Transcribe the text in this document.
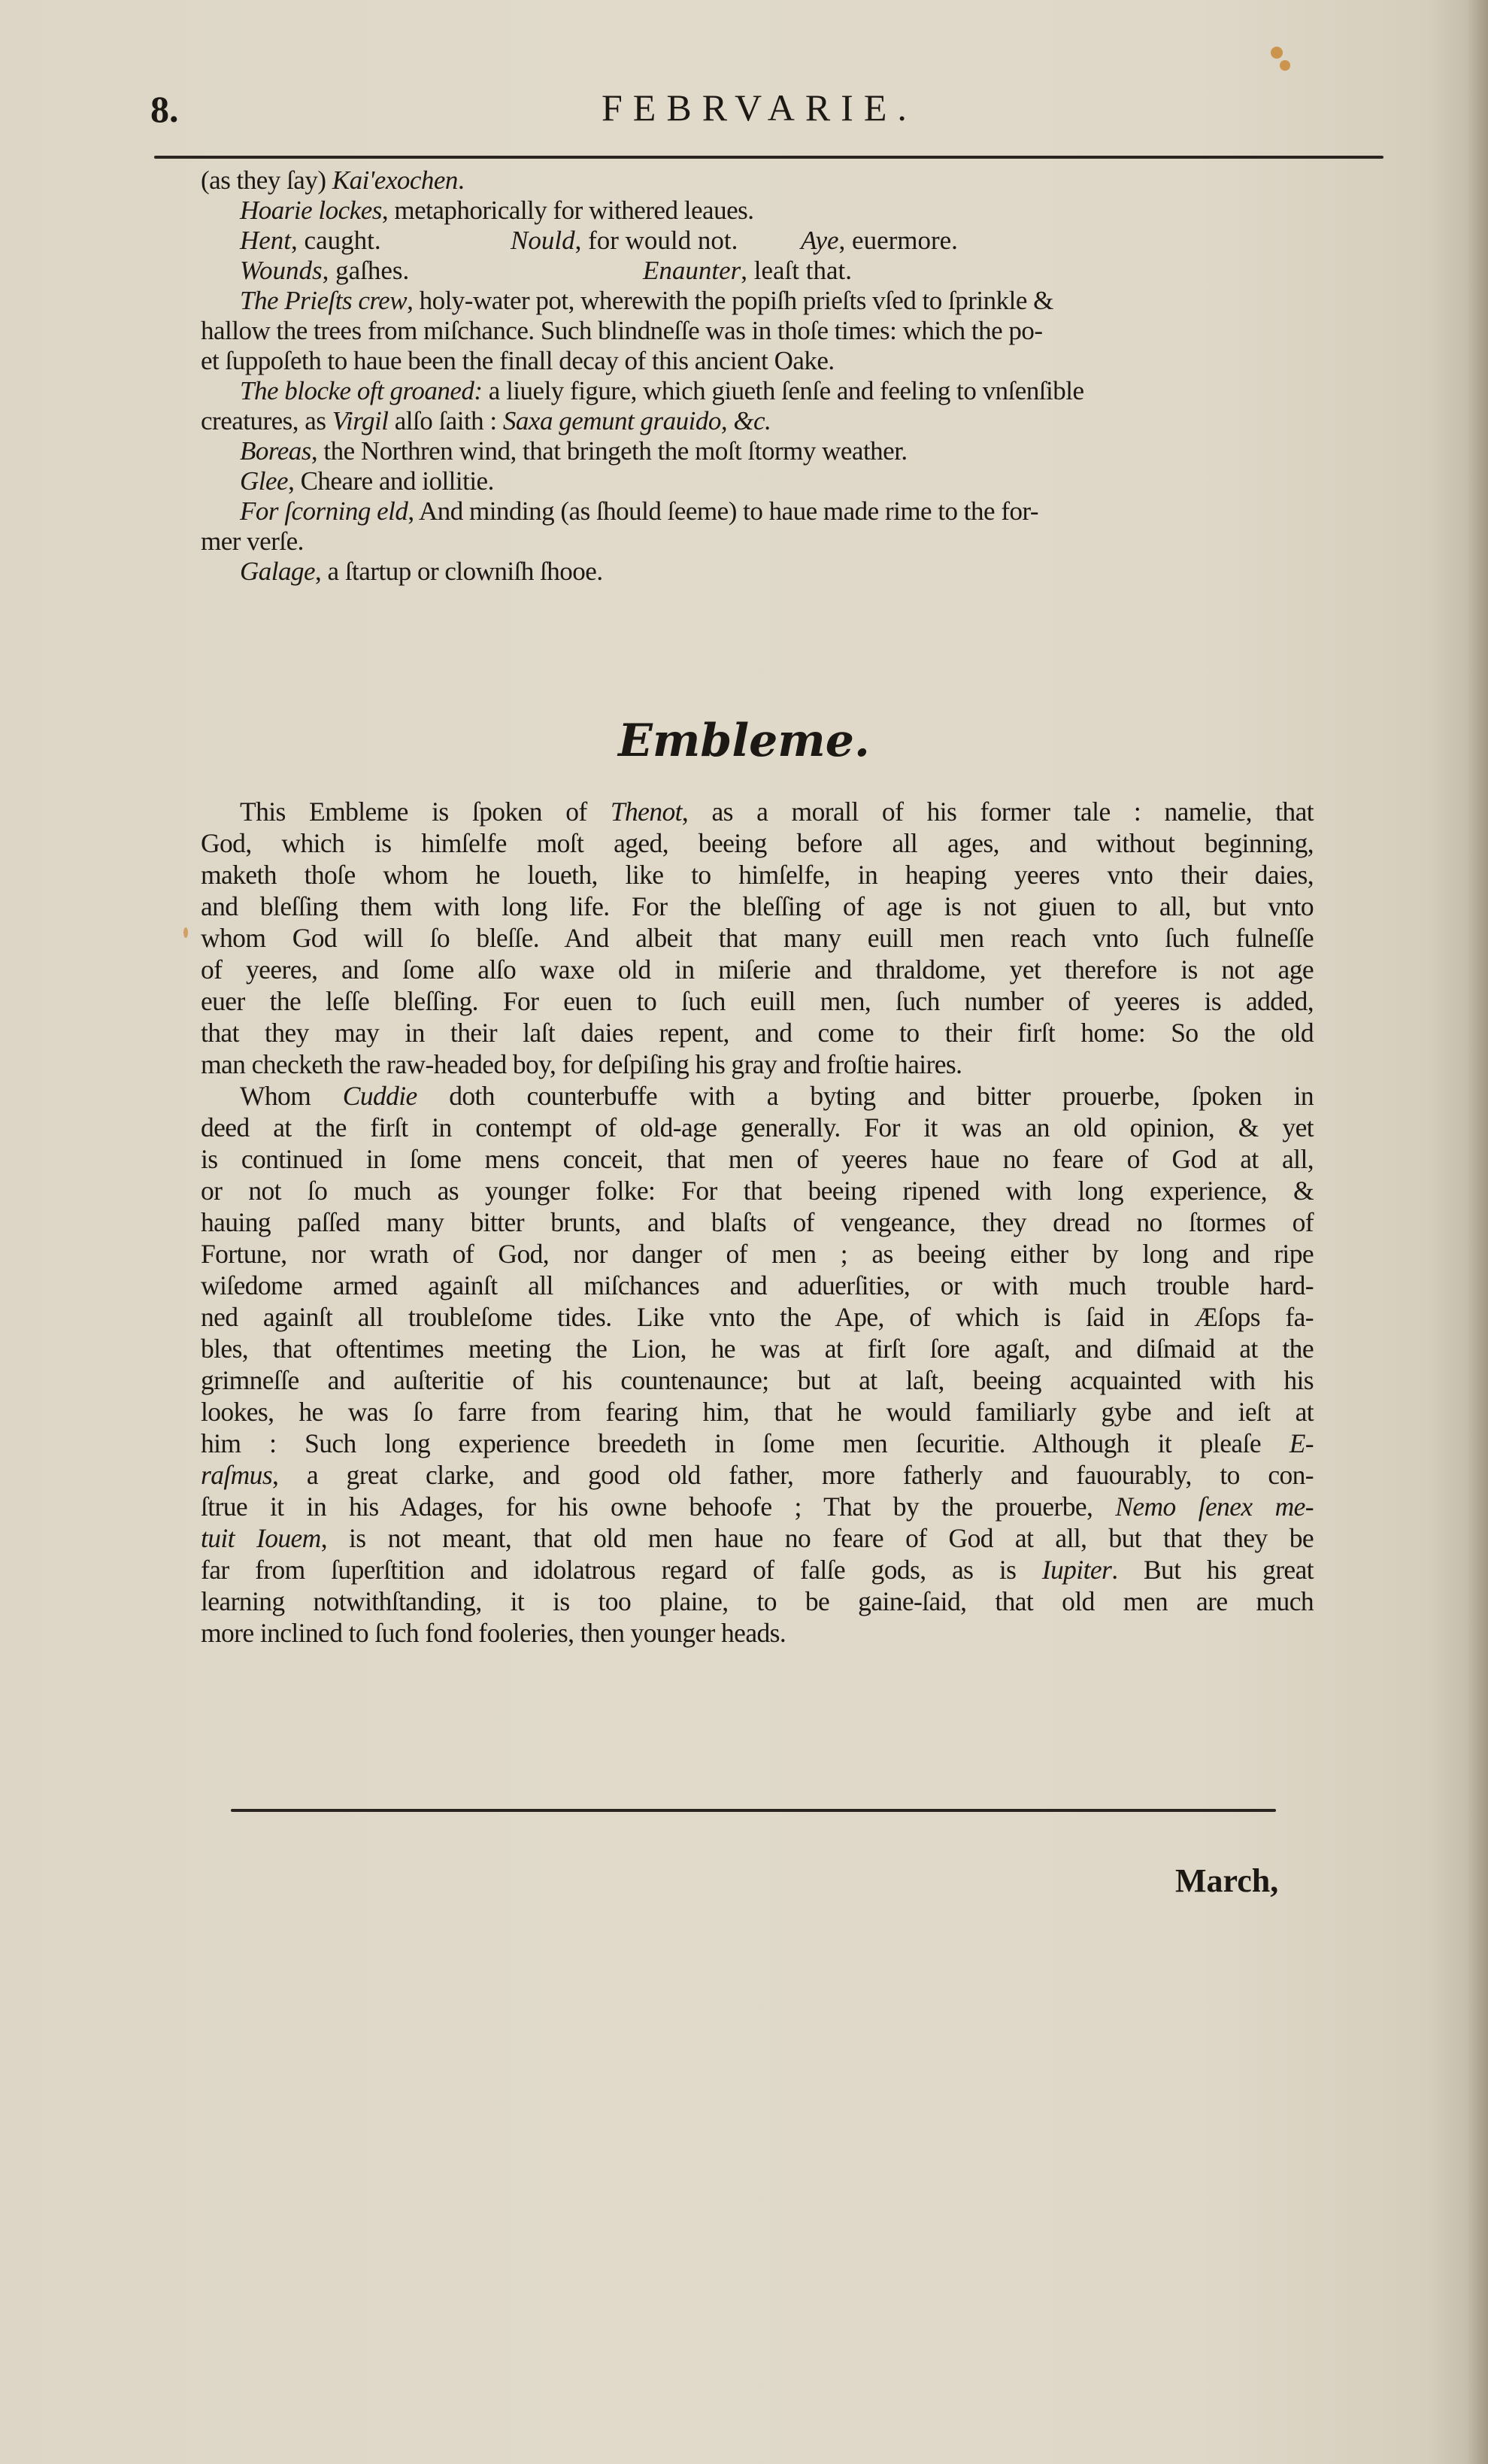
8.	FEBRVARIE.
(as they ſay) Kai'exochen.
Hoarie lockes, metaphorically for withered leaues.
Hent, caught.	Nould, for would not.	Aye, euermore.
Wounds, gaſhes.	Enaunter, leaſt that.
The Prieſts crew, holy-water pot, wherewith the popiſh prieſts vſed to ſprinkle &
hallow the trees from miſchance. Such blindneſſe was in thoſe times: which the po-
et ſuppoſeth to haue been the finall decay of this ancient Oake.
The blocke oft groaned: a liuely figure, which giueth ſenſe and feeling to vnſenſible
creatures, as Virgil alſo ſaith : Saxa gemunt grauido, &c.
Boreas, the Northren wind, that bringeth the moſt ſtormy weather.
Glee, Cheare and iollitie.
For ſcorning eld, And minding (as ſhould ſeeme) to haue made rime to the for-
mer verſe.
Galage, a ſtartup or clowniſh ſhooe.
Embleme.
This Embleme is ſpoken of Thenot, as a morall of his former tale : namelie, that
God, which is himſelfe moſt aged, beeing before all ages, and without beginning,
maketh thoſe whom he loueth, like to himſelfe, in heaping yeeres vnto their daies,
and bleſſing them with long life. For the bleſſing of age is not giuen to all, but vnto
whom God will ſo bleſſe. And albeit that many euill men reach vnto ſuch fulneſſe
of yeeres, and ſome alſo waxe old in miſerie and thraldome, yet therefore is not age
euer the leſſe bleſſing. For euen to ſuch euill men, ſuch number of yeeres is added,
that they may in their laſt daies repent, and come to their firſt home: So the old
man checketh the raw-headed boy, for deſpiſing his gray and froſtie haires.
Whom Cuddie doth counterbuffe with a byting and bitter prouerbe, ſpoken in
deed at the firſt in contempt of old-age generally. For it was an old opinion, & yet
is continued in ſome mens conceit, that men of yeeres haue no feare of God at all,
or not ſo much as younger folke: For that beeing ripened with long experience, &
hauing paſſed many bitter brunts, and blaſts of vengeance, they dread no ſtormes of
Fortune, nor wrath of God, nor danger of men ; as beeing either by long and ripe
wiſedome armed againſt all miſchances and aduerſities, or with much trouble hard-
ned againſt all troubleſome tides. Like vnto the Ape, of which is ſaid in Æſops fa-
bles, that oftentimes meeting the Lion, he was at firſt ſore agaſt, and diſmaid at the
grimneſſe and auſteritie of his countenaunce; but at laſt, beeing acquainted with his
lookes, he was ſo farre from fearing him, that he would familiarly gybe and ieſt at
him : Such long experience breedeth in ſome men ſecuritie. Although it pleaſe E-
raſmus, a great clarke, and good old father, more fatherly and fauourably, to con-
ſtrue it in his Adages, for his owne behoofe ; That by the prouerbe, Nemo ſenex me-
tuit Iouem, is not meant, that old men haue no feare of God at all, but that they be
far from ſuperſtition and idolatrous regard of falſe gods, as is Iupiter. But his great
learning notwithſtanding, it is too plaine, to be gaine-ſaid, that old men are much
more inclined to ſuch fond fooleries, then younger heads.
March,
